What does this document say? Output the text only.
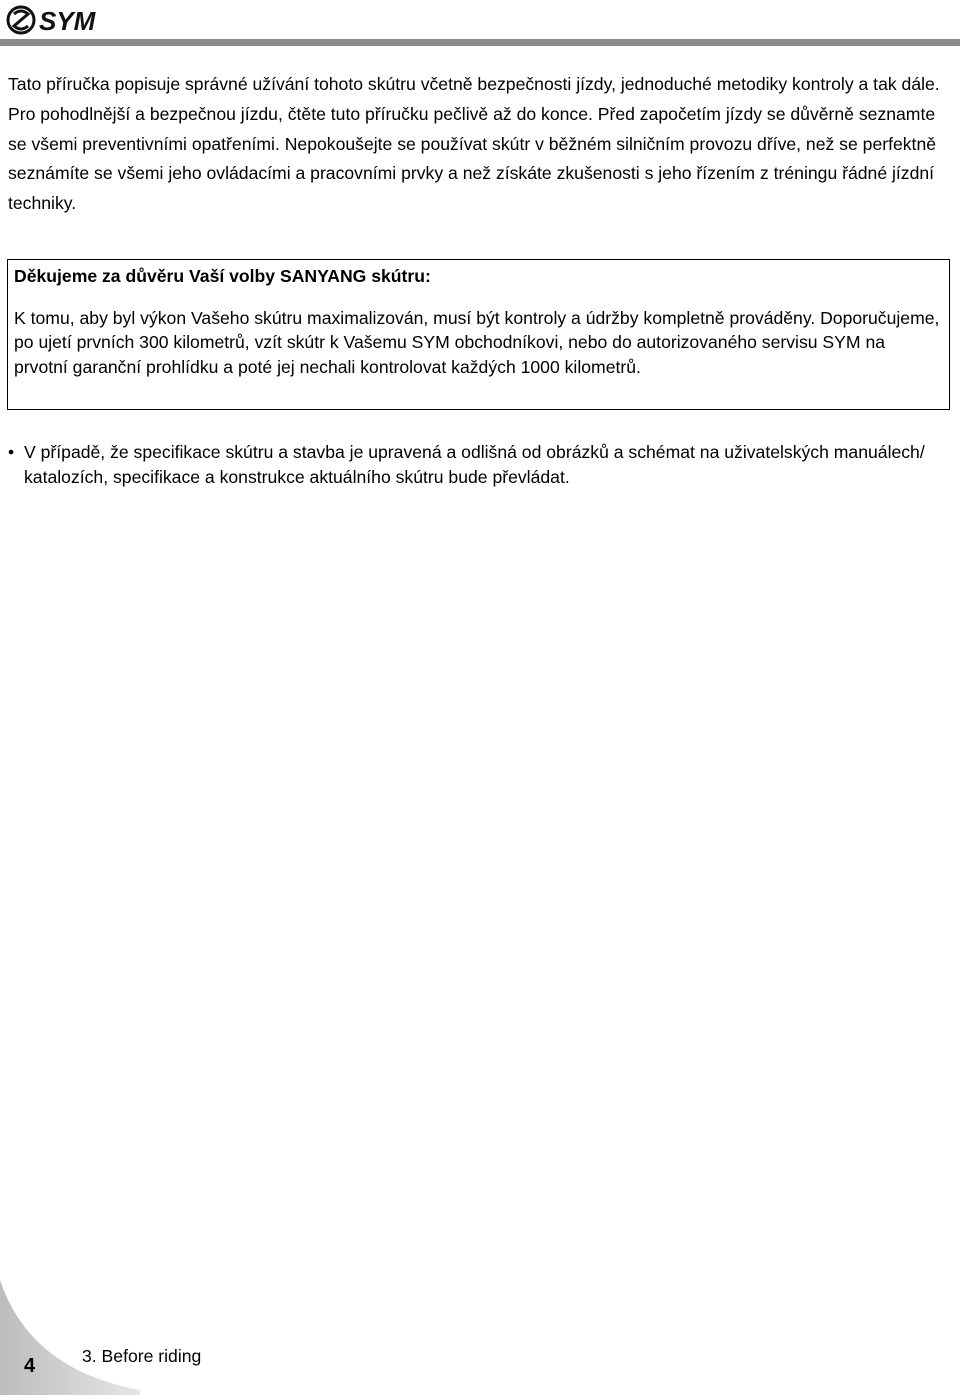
SYM

Tato příručka popisuje správné užívání tohoto skútru včetně bezpečnosti jízdy, jednoduché metodiky kontroly a tak dále. Pro pohodlnější a bezpečnou jízdu, čtěte tuto příručku pečlivě až do konce. Před započetím jízdy se důvěrně seznamte se všemi preventivními opatřeními. Nepokoušejte se používat skútr v běžném silničním provozu dříve, než se perfektně seznámíte se všemi jeho ovládacími a pracovními prvky a než získáte zkušenosti s jeho řízením z tréningu řádné jízdní techniky.

Děkujeme za důvěru Vaší volby SANYANG skútru:
K tomu, aby byl výkon Vašeho skútru maximalizován, musí být kontroly a údržby kompletně prováděny. Doporučujeme, po ujetí prvních 300 kilometrů, vzít skútr k Vašemu SYM obchodníkovi, nebo do autorizovaného servisu SYM na prvotní garanční prohlídku a poté jej nechali kontrolovat každých 1000 kilometrů.
• V případě, že specifikace skútru a stavba je upravená a odlišná od obrázků a schémat na uživatelských manuálech/ katalozích, specifikace a konstrukce aktuálního skútru bude převládat.

4	3. Before riding
